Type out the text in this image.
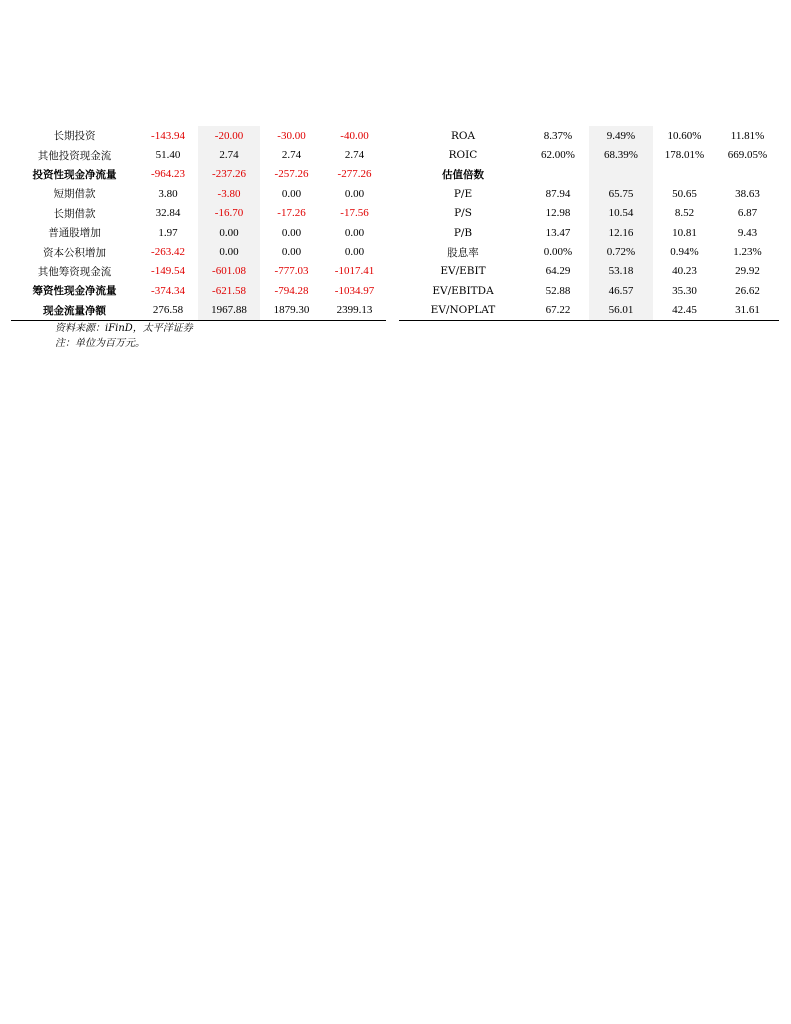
长期投资	-143.94	-20.00	-30.00	-40.00
其他投资现金流	51.40	2.74	2.74	2.74
投资性现金净流量	-964.23	-237.26	-257.26	-277.26
短期借款	3.80	-3.80	0.00	0.00
长期借款	32.84	-16.70	-17.26	-17.56
普通股增加	1.97	0.00	0.00	0.00
资本公积增加	-263.42	0.00	0.00	0.00
其他筹资现金流	-149.54	-601.08	-777.03	-1017.41
筹资性现金净流量	-374.34	-621.58	-794.28	-1034.97
现金流量净额	276.58	1967.88	1879.30	2399.13
ROA	8.37%	9.49%	10.60%	11.81%
ROIC	62.00%	68.39%	178.01%	669.05%
估值倍数				
P/E	87.94	65.75	50.65	38.63
P/S	12.98	10.54	8.52	6.87
P/B	13.47	12.16	10.81	9.43
股息率	0.00%	0.72%	0.94%	1.23%
EV/EBIT	64.29	53.18	40.23	29.92
EV/EBITDA	52.88	46.57	35.30	26.62
EV/NOPLAT	67.22	56.01	42.45	31.61
资料来源：iFinD，太平洋证券
注：单位为百万元。
